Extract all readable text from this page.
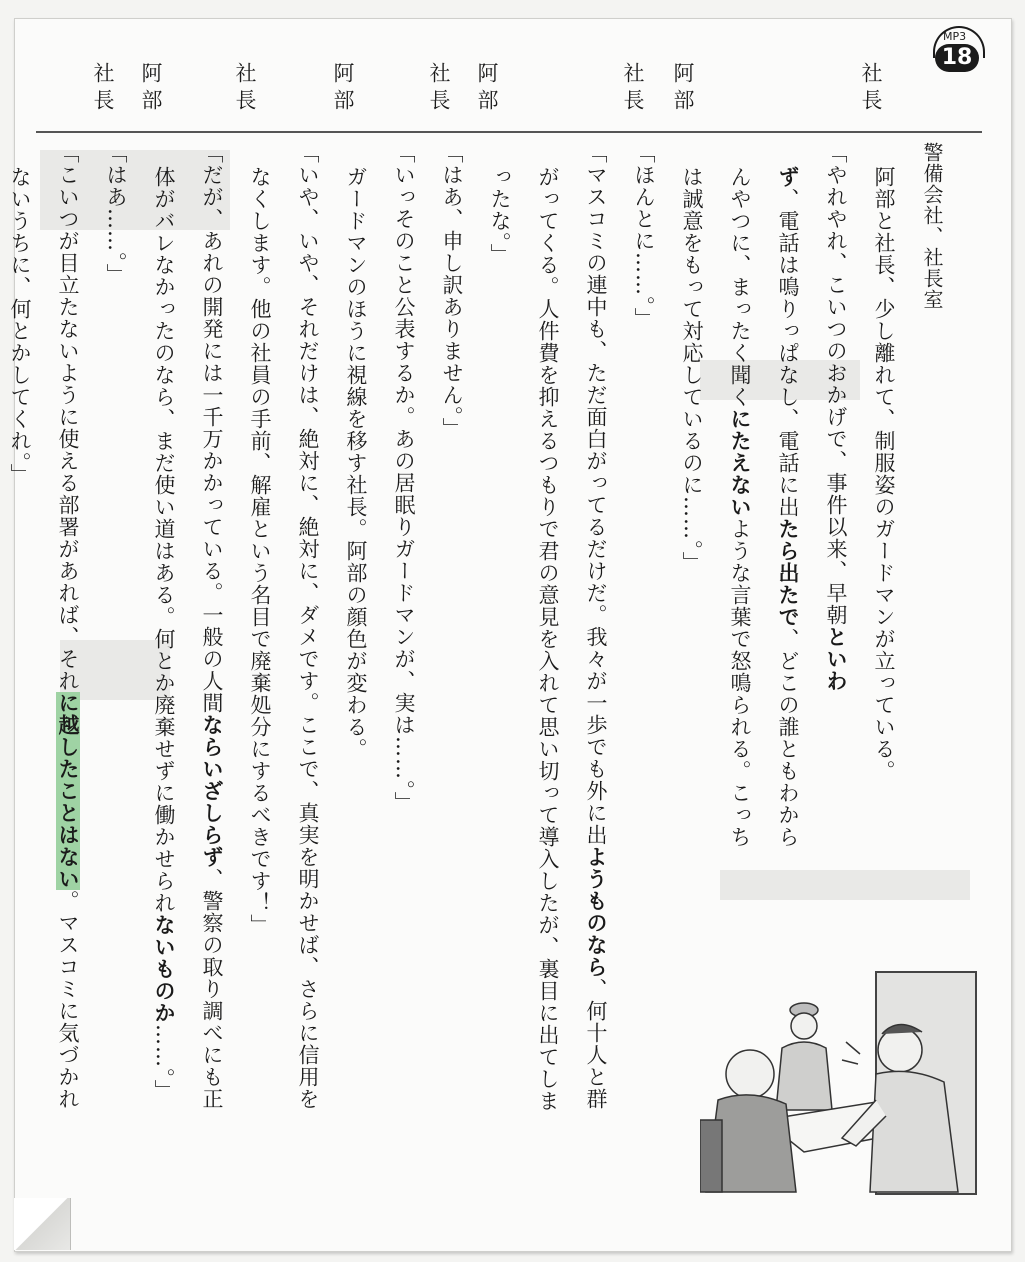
MP3
18
社長
阿部
社長
阿部
社長
阿部
社長
阿部
社長
警備会社、社長室
阿部と社長、少し離れて、制服姿のガードマンが立っている。
「やれやれ、こいつのおかげで、事件以来、早朝といわ
ず、電話は鳴りっぱなし、電話に出たら出たで、どこの誰ともわから
んやつに、まったく聞くにたえないような言葉で怒鳴られる。こっち
は誠意をもって対応しているのに……。」
「ほんとに……。」
「マスコミの連中も、ただ面白がってるだけだ。我々が一歩でも外に出ようものなら、何十人と群
がってくる。人件費を抑えるつもりで君の意見を入れて思い切って導入したが、裏目に出てしま
ったな。」
「はあ、申し訳ありません。」
「いっそのこと公表するか。あの居眠りガードマンが、実は……。」
ガードマンのほうに視線を移す社長。阿部の顔色が変わる。
「いや、いや、それだけは、絶対に、絶対に、ダメです。ここで、真実を明かせば、さらに信用を
なくします。他の社員の手前、解雇という名目で廃棄処分にするべきです！」
「だが、あれの開発には一千万かかっている。一般の人間ならいざしらず、警察の取り調べにも正
体がバレなかったのなら、まだ使い道はある。何とか廃棄せずに働かせられないものか……。」
「はあ……。」
「こいつが目立たないように使える部署があれば、それに越したことはない。マスコミに気づかれ
ないうちに、何とかしてくれ。」
